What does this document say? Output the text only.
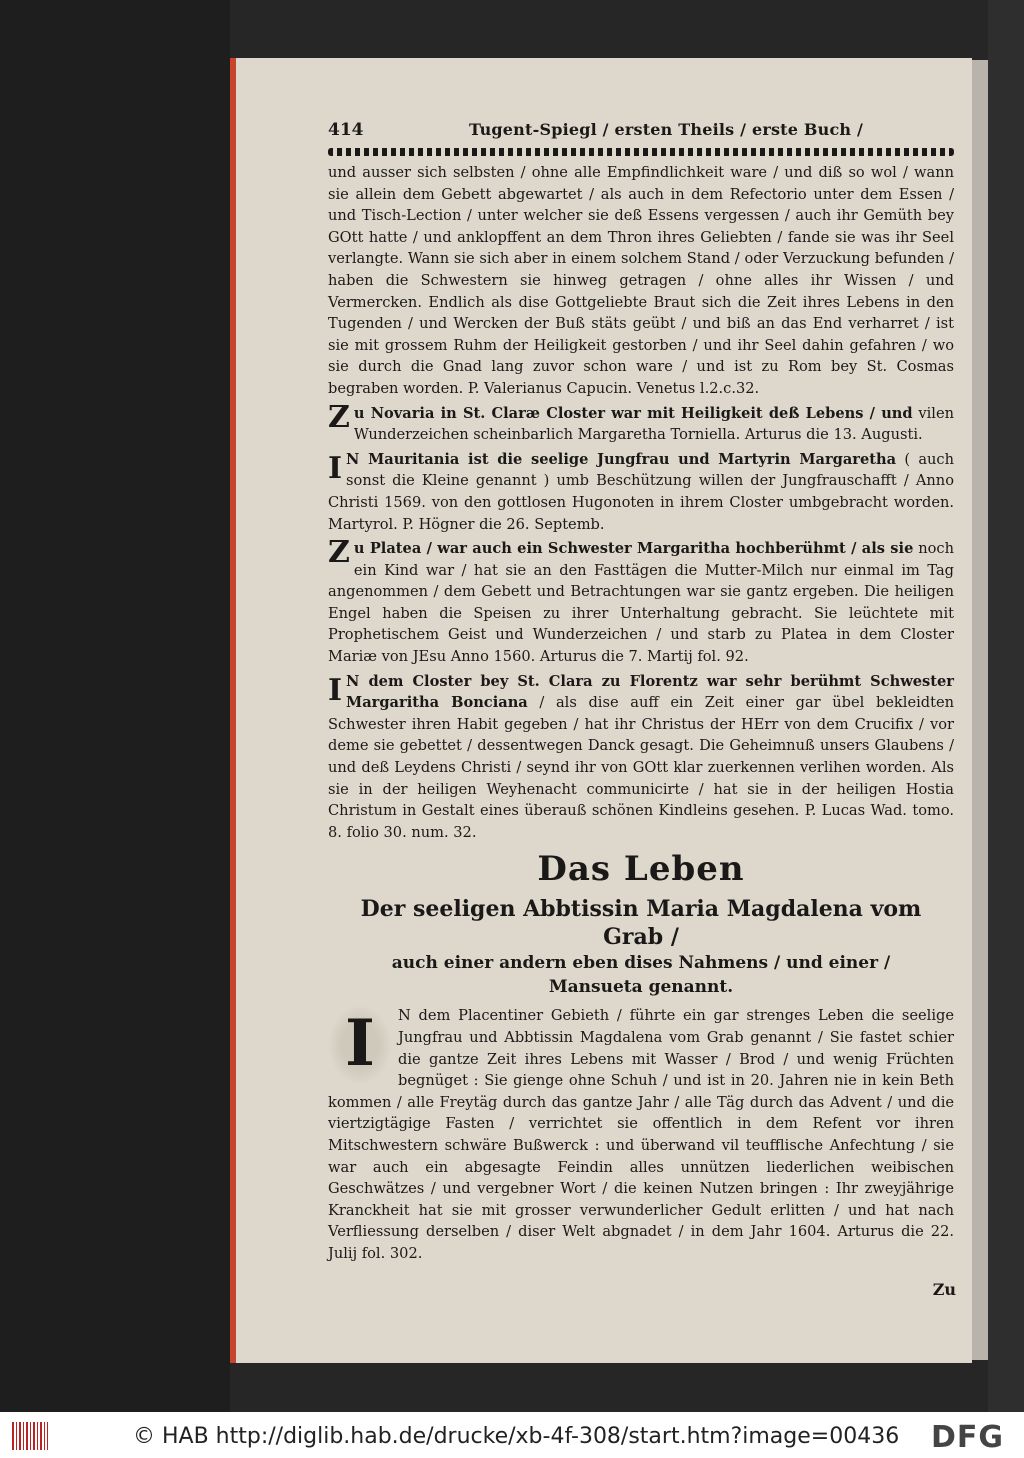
414	Tugent-Spiegl / ersten Theils / erste Buch /

und ausser sich selbsten / ohne alle Empfindlichkeit ware / und diß so wol / wann sie allein dem Gebett abgewartet / als auch in dem Refectorio unter dem Essen / und Tisch-Lection / unter welcher sie deß Essens vergessen / auch ihr Gemüth bey GOtt hatte / und anklopffent an dem Thron ihres Geliebten / fande sie was ihr Seel verlangte. Wann sie sich aber in einem solchem Stand / oder Verzuckung befunden / haben die Schwestern sie hinweg getragen / ohne alles ihr Wissen / und Vermercken. Endlich als dise Gottgeliebte Braut sich die Zeit ihres Lebens in den Tugenden / und Wercken der Buß stäts geübt / und biß an das End verharret / ist sie mit grossem Ruhm der Heiligkeit gestorben / und ihr Seel dahin gefahren / wo sie durch die Gnad lang zuvor schon ware / und ist zu Rom bey St. Cosmas begraben worden. P. Valerianus Capucin. Venetus l.2.c.32.

Zu Novaria in St. Claræ Closter war mit Heiligkeit deß Lebens / und vilen Wunderzeichen scheinbarlich Margaretha Torniella. Arturus die 13. Augusti.

I N Mauritania ist die seelige Jungfrau und Martyrin Margaretha ( auch sonst die Kleine genannt ) umb Beschützung willen der Jungfrauschafft / Anno Christi 1569. von den gottlosen Hugonoten in ihrem Closter umbgebracht worden. Martyrol. P. Högner die 26. Septemb.

Zu Platea / war auch ein Schwester Margaritha hochberühmt / als sie noch ein Kind war / hat sie an den Fasttägen die Mutter-Milch nur einmal im Tag angenommen / dem Gebett und Betrachtungen war sie gantz ergeben. Die heiligen Engel haben die Speisen zu ihrer Unterhaltung gebracht. Sie leüchtete mit Prophetischem Geist und Wunderzeichen / und starb zu Platea in dem Closter Mariæ von JEsu Anno 1560. Arturus die 7. Martij fol. 92.

I N dem Closter bey St. Clara zu Florentz war sehr berühmt Schwester Margaritha Bonciana / als dise auff ein Zeit einer gar übel bekleidten Schwester ihren Habit gegeben / hat ihr Christus der HErr von dem Crucifix / vor deme sie gebettet / dessentwegen Danck gesagt. Die Geheimnuß unsers Glaubens / und deß Leydens Christi / seynd ihr von GOtt klar zuerkennen verlihen worden. Als sie in der heiligen Weyhenacht communicirte / hat sie in der heiligen Hostia Christum in Gestalt eines überauß schönen Kindleins gesehen. P. Lucas Wad. tomo. 8. folio 30. num. 32.

Das Leben
Der seeligen Abbtissin Maria Magdalena vom Grab /
auch einer andern eben dises Nahmens / und einer /
Mansueta genannt.

I	N dem Placentiner Gebieth / führte ein gar strenges Leben die seelige Jungfrau und Abbtissin Magdalena vom Grab genannt / Sie fastet schier die gantze Zeit ihres Lebens mit Wasser / Brod / und wenig Früchten begnüget : Sie gienge ohne Schuh / und ist in 20. Jahren nie in kein Beth kommen / alle Freytäg durch das gantze Jahr / alle Täg durch das Advent / und die viertzigtägige Fasten / verrichtet sie offentlich in dem Refent vor ihren Mitschwestern schwäre Bußwerck : und überwand vil teufflische Anfechtung / sie war auch ein abgesagte Feindin alles unnützen liederlichen weibischen Geschwätzes / und vergebner Wort / die keinen Nutzen bringen : Ihr zweyjährige Kranckheit hat sie mit grosser verwunderlicher Gedult erlitten / und hat nach Verfliessung derselben / diser Welt abgnadet / in dem Jahr 1604. Arturus die 22. Julij fol. 302.

Zu
© HAB http://diglib.hab.de/drucke/xb-4f-308/start.htm?image=00436 DFG
